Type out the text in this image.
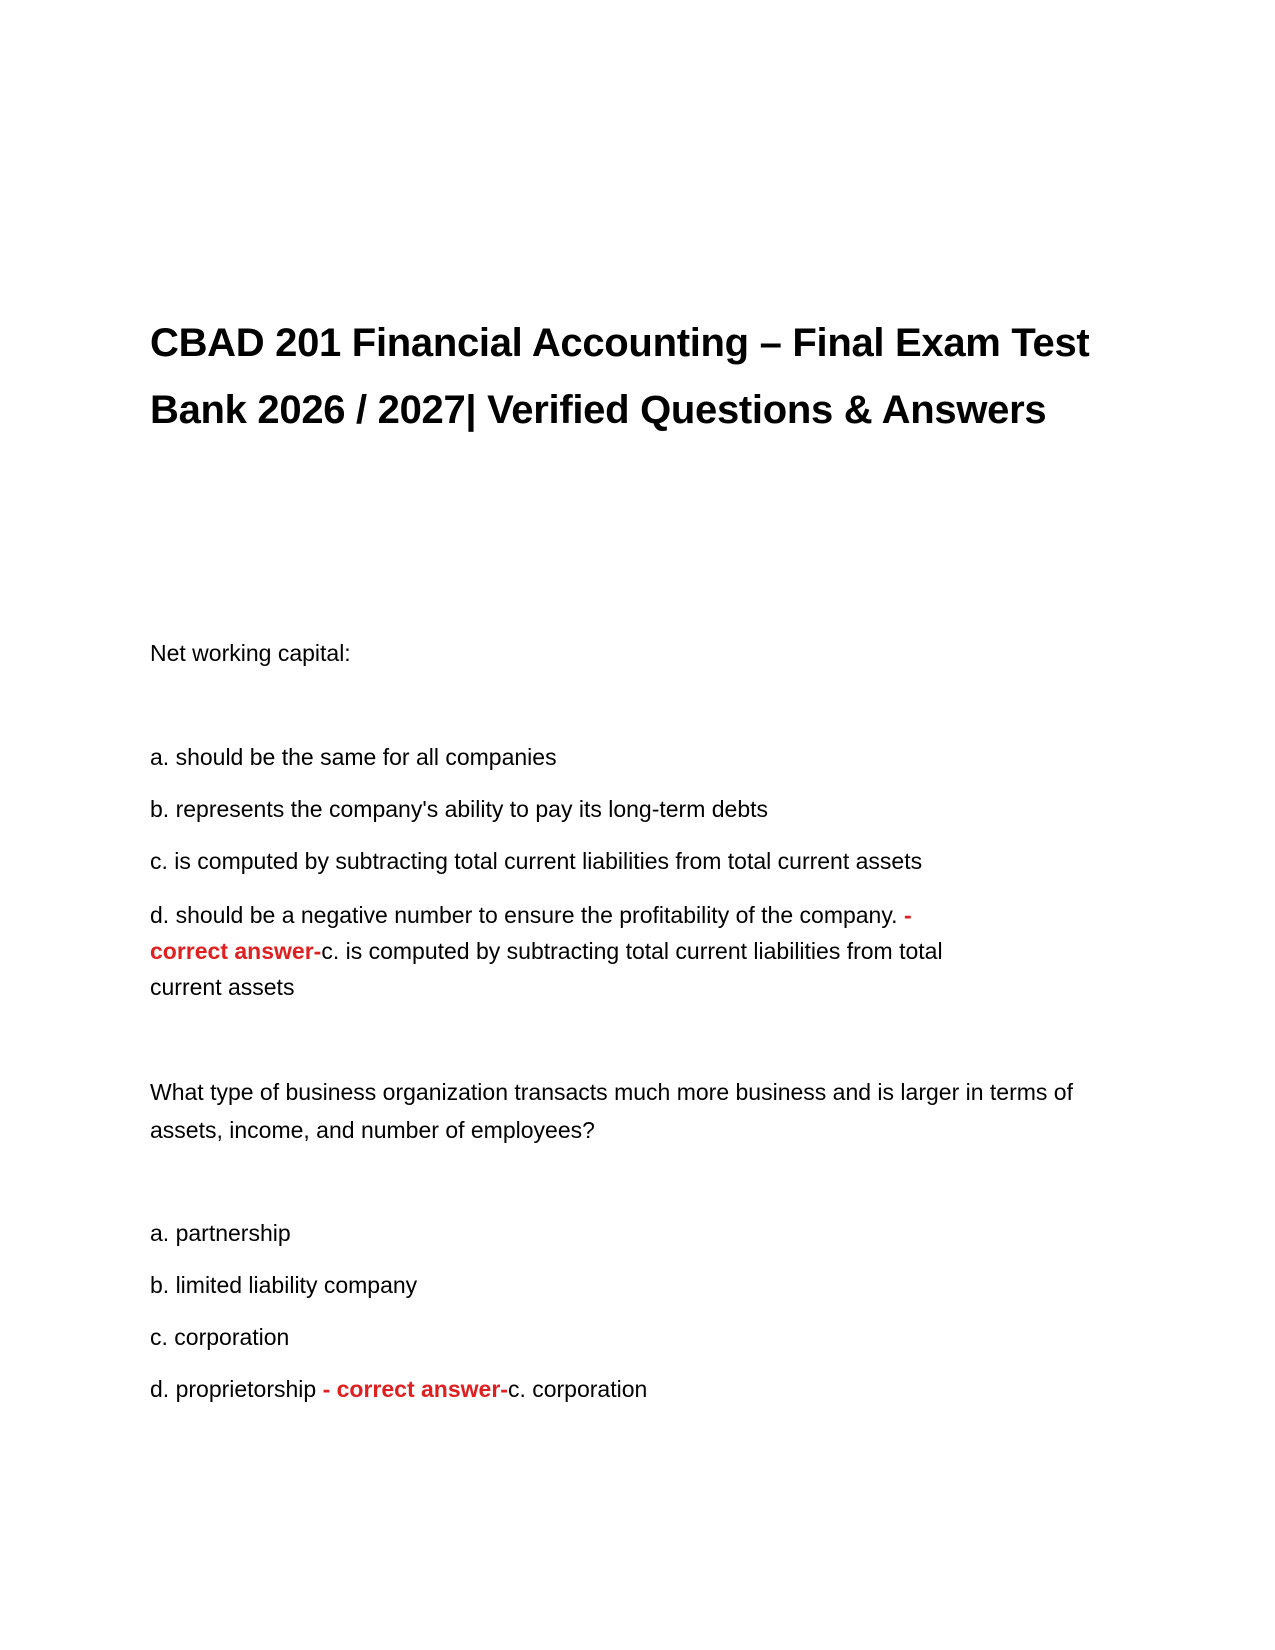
CBAD 201 Financial Accounting – Final Exam Test Bank 2026 / 2027| Verified Questions & Answers
Net working capital:
a. should be the same for all companies
b. represents the company's ability to pay its long-term debts
c. is computed by subtracting total current liabilities from total current assets
d. should be a negative number to ensure the profitability of the company. -
correct answer-c. is computed by subtracting total current liabilities from total
current assets
What type of business organization transacts much more business and is larger in terms of assets, income, and number of employees?
a. partnership
b. limited liability company
c. corporation
d. proprietorship - correct answer-c. corporation
